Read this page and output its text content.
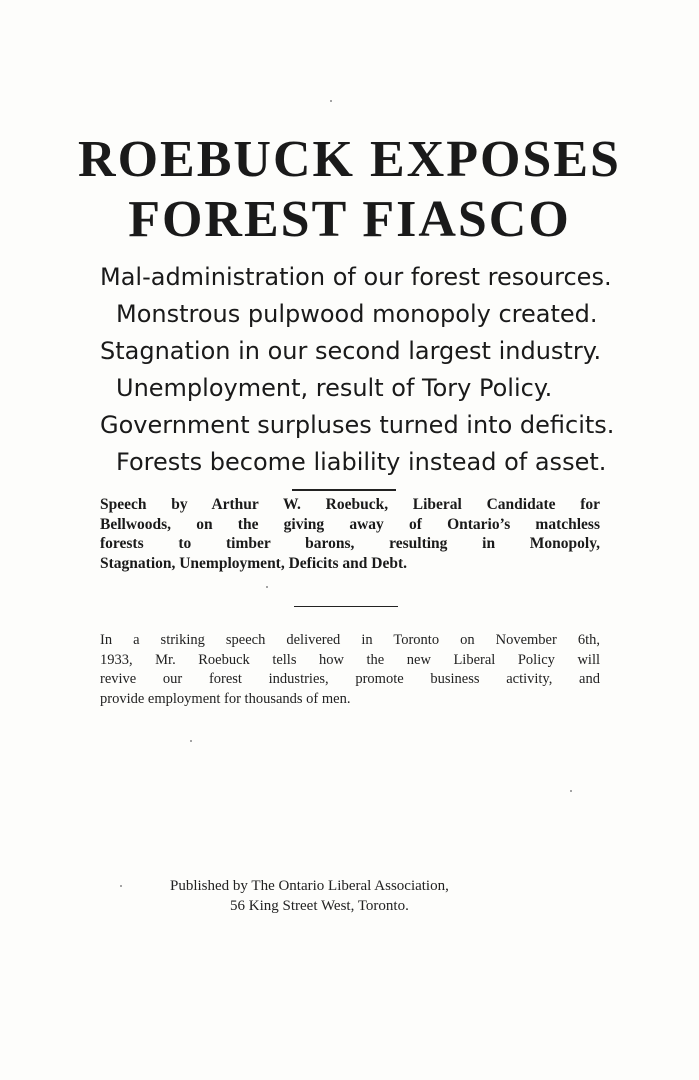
ROEBUCK EXPOSES
FOREST FIASCO

Mal-administration of our forest resources.

Monstrous pulpwood monopoly created.

Stagnation in our second largest industry.

Unemployment, result of Tory Policy.

Government surpluses turned into deficits.

Forests become liability instead of asset.

Speech by Arthur W. Roebuck, Liberal Candidate for
Bellwoods, on the giving away of Ontario’s matchless
forests to timber barons, resulting in Monopoly,
Stagnation, Unemployment, Deficits and Debt.

In a striking speech delivered in Toronto on November 6th,
1933, Mr. Roebuck tells how the new Liberal Policy will
revive our forest industries, promote business activity, and
provide employment for thousands of men.

Published by The Ontario Liberal Association,

56 King Street West, Toronto.
